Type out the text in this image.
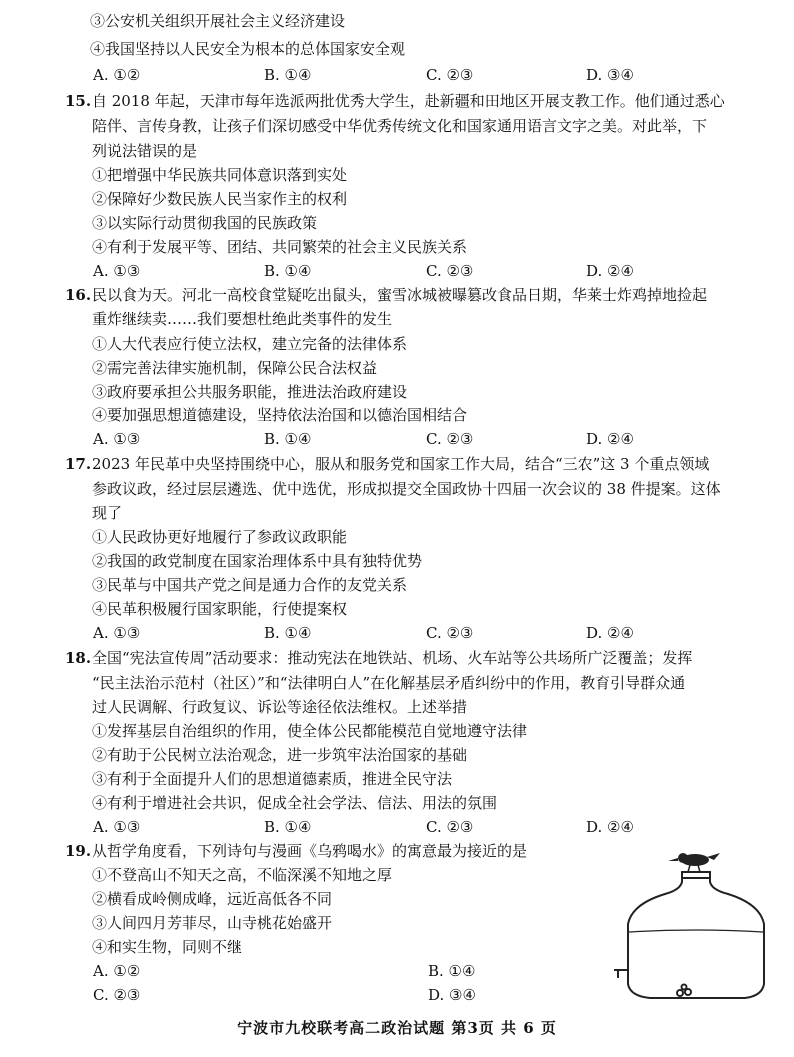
③公安机关组织开展社会主义经济建设
④我国坚持以人民安全为根本的总体国家安全观
A. ①②	B. ①④	C. ②③	D. ③④
15. 自 2018 年起，天津市每年选派两批优秀大学生，赴新疆和田地区开展支教工作。他们通过悉心
陪伴、言传身教，让孩子们深切感受中华优秀传统文化和国家通用语言文字之美。对此举，下
列说法错误的是
①把增强中华民族共同体意识落到实处
②保障好少数民族人民当家作主的权利
③以实际行动贯彻我国的民族政策
④有利于发展平等、团结、共同繁荣的社会主义民族关系
A. ①③	B. ①④	C. ②③	D. ②④
16. 民以食为天。河北一高校食堂疑吃出鼠头，蜜雪冰城被曝篡改食品日期，华莱士炸鸡掉地捡起
重炸继续卖……我们要想杜绝此类事件的发生
①人大代表应行使立法权，建立完备的法律体系
②需完善法律实施机制，保障公民合法权益
③政府要承担公共服务职能，推进法治政府建设
④要加强思想道德建设，坚持依法治国和以德治国相结合
A. ①③	B. ①④	C. ②③	D. ②④
17. 2023 年民革中央坚持围绕中心，服从和服务党和国家工作大局，结合“三农”这 3 个重点领域
参政议政，经过层层遴选、优中选优，形成拟提交全国政协十四届一次会议的 38 件提案。这体
现了
①人民政协更好地履行了参政议政职能
②我国的政党制度在国家治理体系中具有独特优势
③民革与中国共产党之间是通力合作的友党关系
④民革积极履行国家职能，行使提案权
A. ①③	B. ①④	C. ②③	D. ②④
18. 全国“宪法宣传周”活动要求：推动宪法在地铁站、机场、火车站等公共场所广泛覆盖；发挥
“民主法治示范村（社区）”和“法律明白人”在化解基层矛盾纠纷中的作用，教育引导群众通
过人民调解、行政复议、诉讼等途径依法维权。上述举措
①发挥基层自治组织的作用，使全体公民都能模范自觉地遵守法律
②有助于公民树立法治观念，进一步筑牢法治国家的基础
③有利于全面提升人们的思想道德素质，推进全民守法
④有利于增进社会共识，促成全社会学法、信法、用法的氛围
A. ①③	B. ①④	C. ②③	D. ②④
19. 从哲学角度看，下列诗句与漫画《乌鸦喝水》的寓意最为接近的是
①不登高山不知天之高，不临深溪不知地之厚
②横看成岭侧成峰，远近高低各不同
③人间四月芳菲尽，山寺桃花始盛开
④和实生物，同则不继
A. ①②	B. ①④
C. ②③	D. ③④
宁波市九校联考高二政治试题 第3页 共 6 页
